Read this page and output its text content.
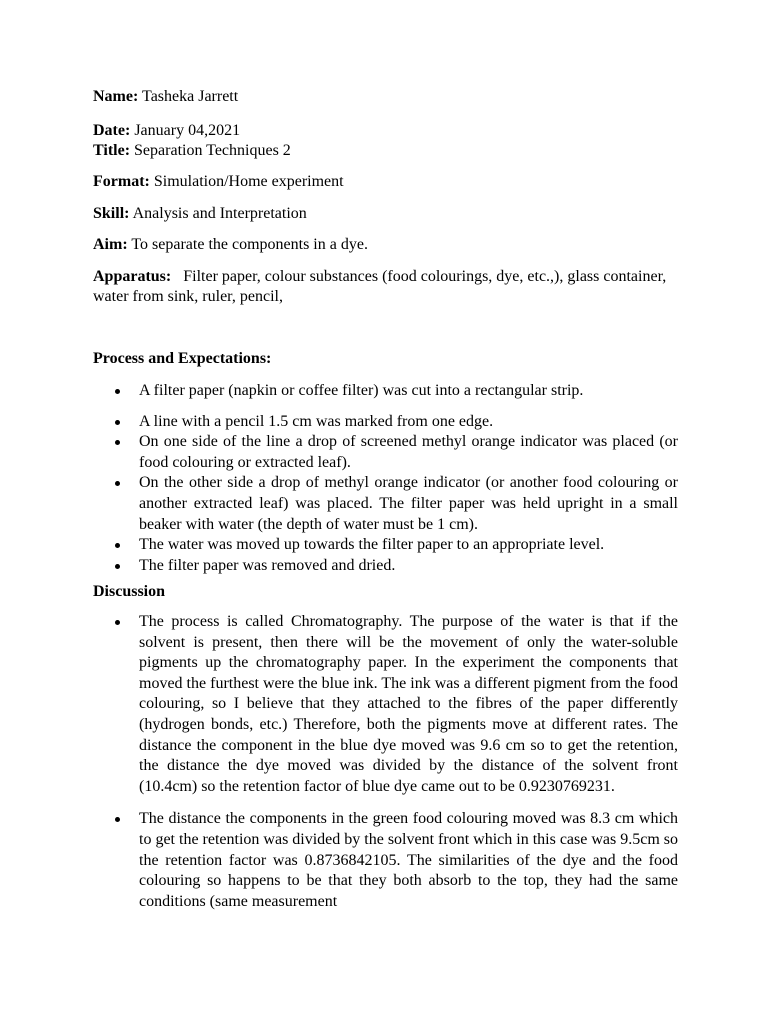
Name: Tasheka Jarrett

Date: January 04,2021

Title: Separation Techniques 2

Format: Simulation/Home experiment

Skill: Analysis and Interpretation

Aim: To separate the components in a dye.

Apparatus: Filter paper, colour substances (food colourings, dye, etc.,), glass container, water from sink, ruler, pencil,

Process and Expectations:

A filter paper (napkin or coffee filter) was cut into a rectangular strip.
A line with a pencil 1.5 cm was marked from one edge.
On one side of the line a drop of screened methyl orange indicator was placed (or food colouring or extracted leaf).
On the other side a drop of methyl orange indicator (or another food colouring or another extracted leaf) was placed. The filter paper was held upright in a small beaker with water (the depth of water must be 1 cm).
The water was moved up towards the filter paper to an appropriate level.
The filter paper was removed and dried.

Discussion

The process is called Chromatography. The purpose of the water is that if the solvent is present, then there will be the movement of only the water-soluble pigments up the chromatography paper. In the experiment the components that moved the furthest were the blue ink. The ink was a different pigment from the food colouring, so I believe that they attached to the fibres of the paper differently (hydrogen bonds, etc.) Therefore, both the pigments move at different rates. The distance the component in the blue dye moved was 9.6 cm so to get the retention, the distance the dye moved was divided by the distance of the solvent front (10.4cm) so the retention factor of blue dye came out to be 0.9230769231.
The distance the components in the green food colouring moved was 8.3 cm which to get the retention was divided by the solvent front which in this case was 9.5cm so the retention factor was 0.8736842105. The similarities of the dye and the food colouring so happens to be that they both absorb to the top, they had the same conditions (same measurement
